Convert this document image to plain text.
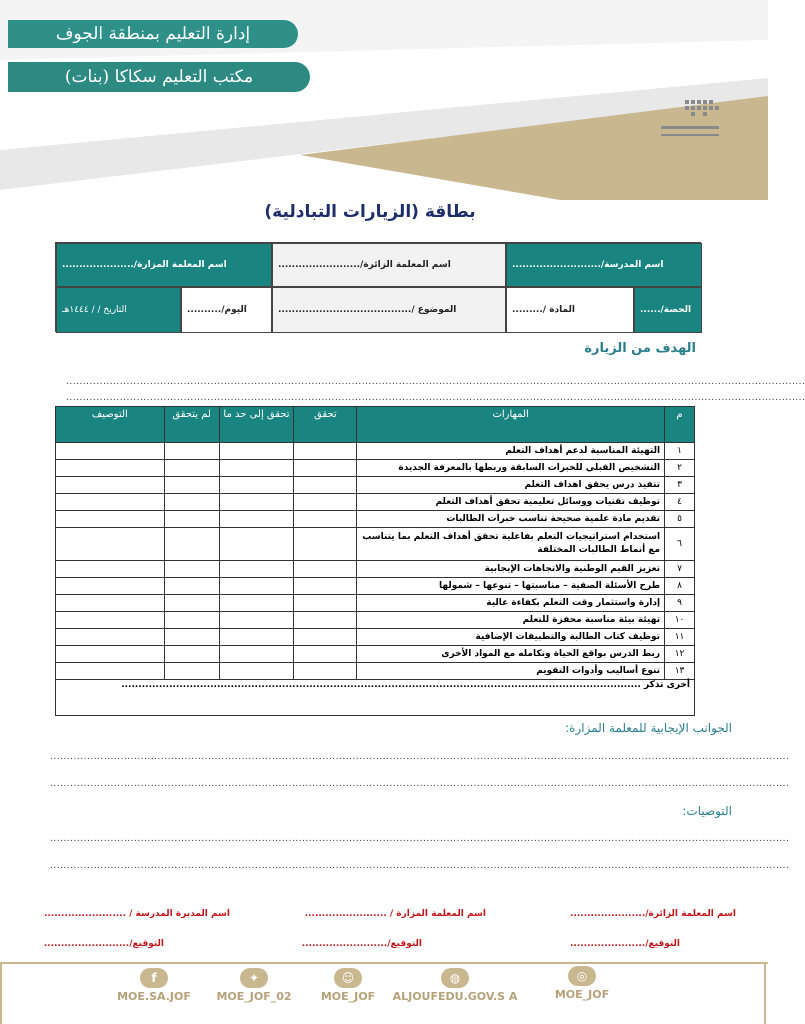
إدارة التعليم بمنطقة الجوف
مكتب التعليم سكاكا (بنات)
بطاقة (الزيارات التبادلية)
اسم المدرسة/..........................
اسم المعلمة الزائرة/........................
اسم المعلمة المزارة/.....................
الحصة/......
المادة /.........
الموضوع /.......................................
اليوم/..........
التاريخ / / ١٤٤٤هـ
الهدف من الزيارة
............................................................................................................................................................................................................................
............................................................................................................................................................................................................................
م	المهارات	تحقق	تحقق إلى حد ما	لم يتحقق	التوصيف
١	التهيئة المناسبة لدعم أهداف التعلم				
٢	التشخيص القبلي للخبرات السابقة وربطها بالمعرفة الجديدة				
٣	تنفيذ درس يحقق اهداف التعلم				
٤	توظيف تقنيات ووسائل تعليمية تحقق أهداف التعلم				
٥	تقديم مادة علمية صحيحة تناسب خبرات الطالبات				
٦	استخدام استراتيجيات التعلم بفاعلية تحقق أهداف التعلم بما يتناسب مع أنماط الطالبات المختلفة				
٧	تعزيز القيم الوطنية والاتجاهات الإيجابية				
٨	طرح الأسئلة الصفية – مناسبتها – تنوعها – شمولها				
٩	إدارة واستثمار وقت التعلم بكفاءة عالية				
١٠	تهيئة بيئة مناسبة محفزة للتعلم				
١١	توظيف كتاب الطالبة والتطبيقات الإضافية				
١٢	ربط الدرس بواقع الحياة وتكامله مع المواد الأخرى				
١٣	تنوع أساليب وأدوات التقويم				
أخرى تذكر ........................................................................................................................................................					
الجوانب الإيجابية للمعلمة المزارة:
............................................................................................................................................................................................................................
............................................................................................................................................................................................................................
التوصيات:
............................................................................................................................................................................................................................
............................................................................................................................................................................................................................
اسم المعلمة الزائرة/......................
اسم المعلمة المزارة / ........................
اسم المديرة المدرسة / ........................
التوقيع/......................
التوقيع/.........................
التوقيع/.........................
f
MOE.SA.JOF
✦
MOE_JOF_02
☺
MOE_JOF
◍
ALJOUFEDU.GOV.S A
◎
MOE_JOF
